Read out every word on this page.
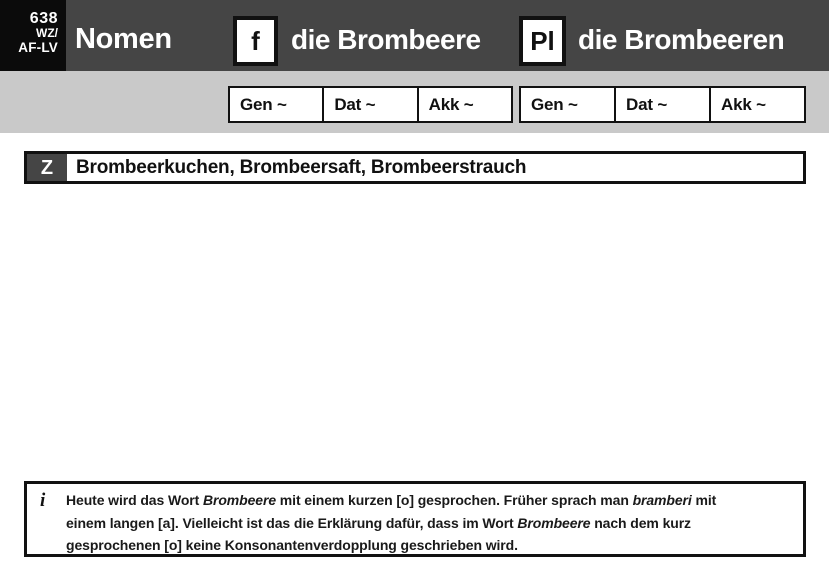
638
WZ/
AF-LV Nomen	f	die Brombeere	Pl die Brombeeren
Gen ~	Dat ~	Akk ~	Gen ~	Dat ~	Akk ~
Z	Brombeerkuchen, Brombeersaft, Brombeerstrauch
i Heute wird das Wort Brombeere mit einem kurzen [o] gesprochen. Früher sprach man bramberi mit
einem langen [a]. Vielleicht ist das die Erklärung dafür, dass im Wort Brombeere nach dem kurz
gesprochenen [o] keine Konsonantenverdopplung geschrieben wird.
